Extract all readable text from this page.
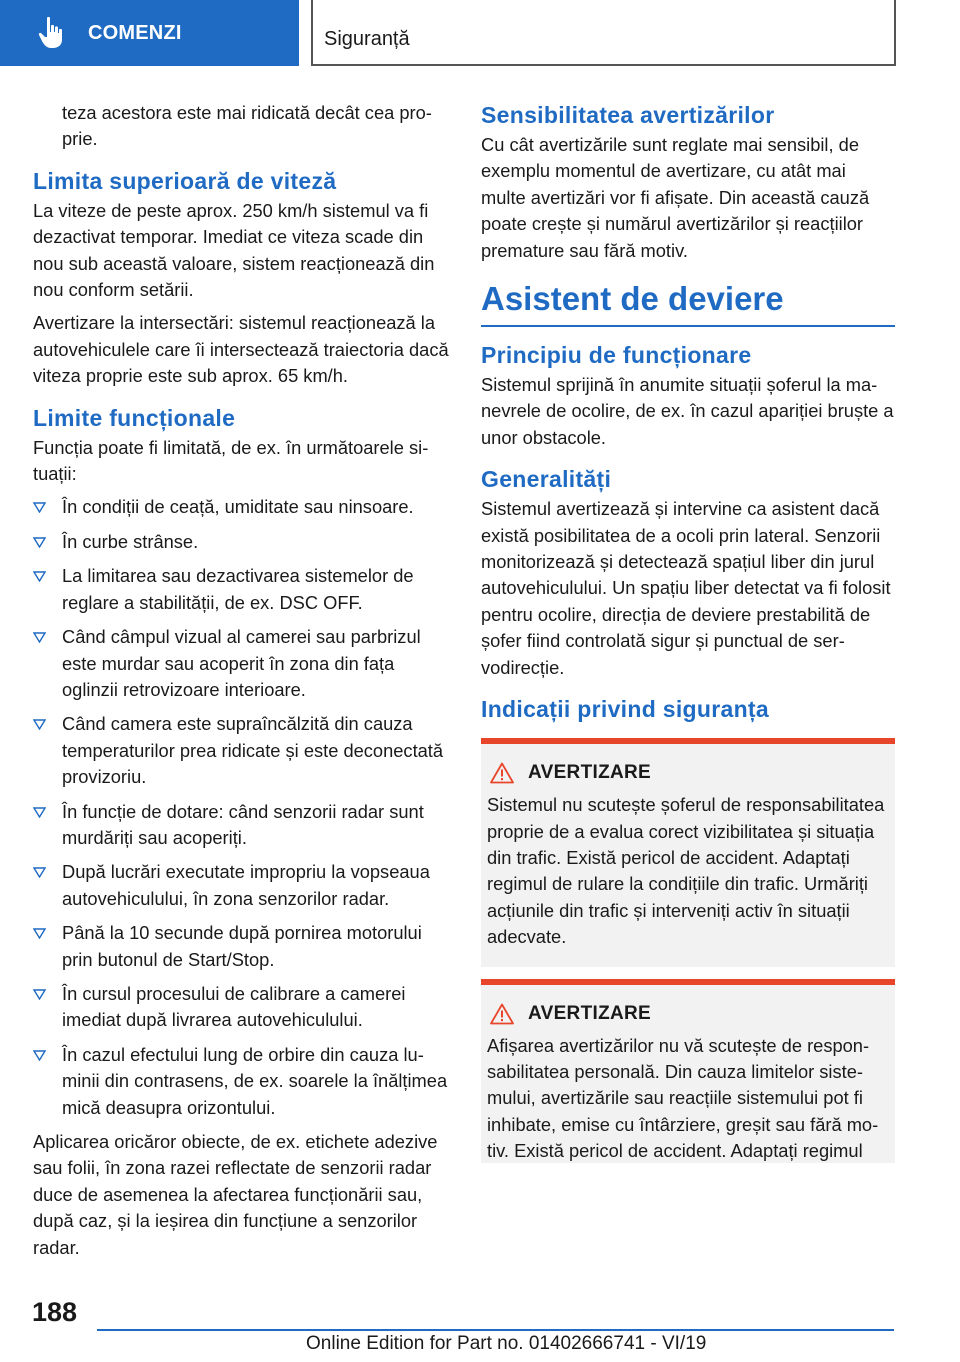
COMENZI	Siguranță

teza acestora este mai ridicată decât cea proprie.

Limita superioară de viteză

La viteze de peste aprox. 250 km/h sistemul va fi dezactivat temporar. Imediat ce viteza scade din nou sub această valoare, sistem reacționează din nou conform setării.

Avertizare la intersectări: sistemul reacționează la autovehiculele care îi intersectează traiectoria dacă viteza proprie este sub aprox. 65 km/h.

Limite funcționale

Funcția poate fi limitată, de ex. în următoarele situații:

În condiții de ceață, umiditate sau ninsoare.
În curbe strânse.
La limitarea sau dezactivarea sistemelor de reglare a stabilității, de ex. DSC OFF.
Când câmpul vizual al camerei sau parbrizul este murdar sau acoperit în zona din fața oglinzii retrovizoare interioare.
Când camera este supraîncălzită din cauza temperaturilor prea ridicate și este deconectată provizoriu.
În funcție de dotare: când senzorii radar sunt murdăriți sau acoperiți.
După lucrări executate impropriu la vopseaua autovehiculului, în zona senzorilor radar.
Până la 10 secunde după pornirea motorului prin butonul de Start/Stop.
În cursul procesului de calibrare a camerei imediat după livrarea autovehiculului.
În cazul efectului lung de orbire din cauza luminii din contrasens, de ex. soarele la înălțimea mică deasupra orizontului.

Aplicarea oricăror obiecte, de ex. etichete adezive sau folii, în zona razei reflectate de senzorii radar duce de asemenea la afectarea funcționării sau, după caz, și la ieșirea din funcțiune a senzorilor radar.

Sensibilitatea avertizărilor

Cu cât avertizările sunt reglate mai sensibil, de exemplu momentul de avertizare, cu atât mai multe avertizări vor fi afișate. Din această cauză poate crește și numărul avertizărilor și reacțiilor premature sau fără motiv.

Asistent de deviere
Principiu de funcționare

Sistemul sprijină în anumite situații șoferul la manevrele de ocolire, de ex. în cazul apariției bruște a unor obstacole.

Generalități

Sistemul avertizează și intervine ca asistent dacă există posibilitatea de a ocoli prin lateral. Senzorii monitorizează și detectează spațiul liber din jurul autovehiculului. Un spațiu liber detectat va fi folosit pentru ocolire, direcția de deviere prestabilită de șofer fiind controlată sigur și punctual de servodirecție.

Indicații privind siguranța
AVERTIZARE

Sistemul nu scutește șoferul de responsabilitatea proprie de a evalua corect vizibilitatea și situația din trafic. Există pericol de accident. Adaptați regimul de rulare la condițiile din trafic. Urmăriți acțiunile din trafic și interveniți activ în situații adecvate.

AVERTIZARE

Afișarea avertizărilor nu vă scutește de responsabilitatea personală. Din cauza limitelor sistemului, avertizările sau reacțiile sistemului pot fi inhibate, emise cu întârziere, greșit sau fără motiv. Există pericol de accident. Adaptați regimul

188
Online Edition for Part no. 01402666741 - VI/19
